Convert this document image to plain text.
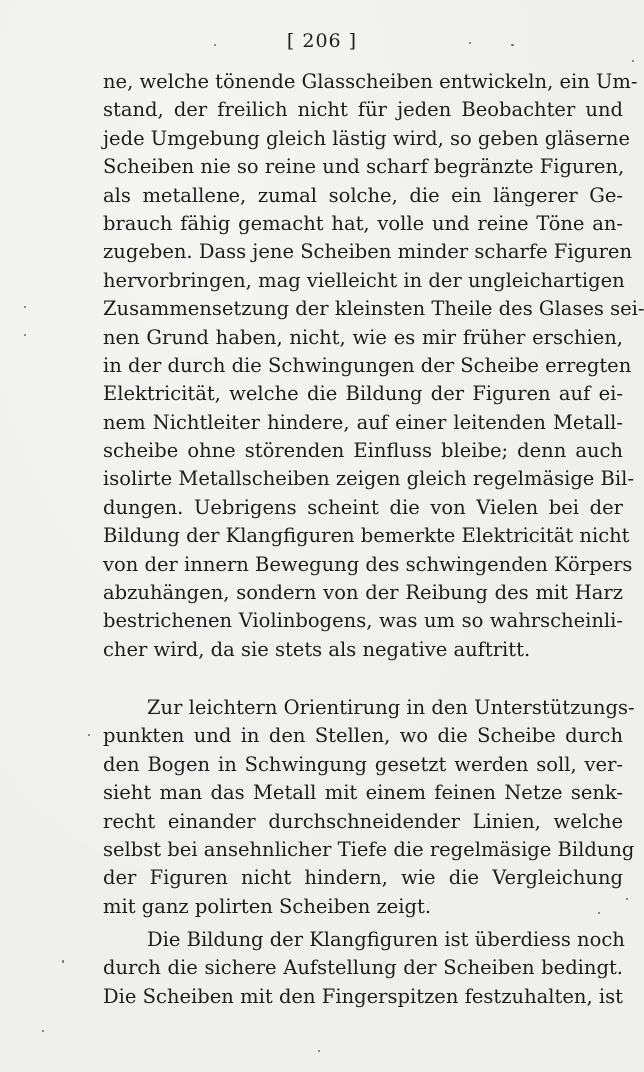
[ 206 ]
ne, welche tönende Glasscheiben entwickeln, ein Um-
stand, der freilich nicht für jeden Beobachter und
jede Umgebung gleich lästig wird, so geben gläserne
Scheiben nie so reine und scharf begränzte Figuren,
als metallene, zumal solche, die ein längerer Ge-
brauch fähig gemacht hat, volle und reine Töne an-
zugeben. Dass jene Scheiben minder scharfe Figuren
hervorbringen, mag vielleicht in der ungleichartigen
Zusammensetzung der kleinsten Theile des Glases sei-
nen Grund haben, nicht, wie es mir früher erschien,
in der durch die Schwingungen der Scheibe erregten
Elektricität, welche die Bildung der Figuren auf ei-
nem Nichtleiter hindere, auf einer leitenden Metall-
scheibe ohne störenden Einfluss bleibe; denn auch
isolirte Metallscheiben zeigen gleich regelmäsige Bil-
dungen. Uebrigens scheint die von Vielen bei der
Bildung der Klangfiguren bemerkte Elektricität nicht
von der innern Bewegung des schwingenden Körpers
abzuhängen, sondern von der Reibung des mit Harz
bestrichenen Violinbogens, was um so wahrscheinli-
cher wird, da sie stets als negative auftritt.
Zur leichtern Orientirung in den Unterstützungs-
punkten und in den Stellen, wo die Scheibe durch
den Bogen in Schwingung gesetzt werden soll, ver-
sieht man das Metall mit einem feinen Netze senk-
recht einander durchschneidender Linien, welche
selbst bei ansehnlicher Tiefe die regelmäsige Bildung
der Figuren nicht hindern, wie die Vergleichung
mit ganz polirten Scheiben zeigt.
Die Bildung der Klangfiguren ist überdiess noch
durch die sichere Aufstellung der Scheiben bedingt.
Die Scheiben mit den Fingerspitzen festzuhalten, ist
